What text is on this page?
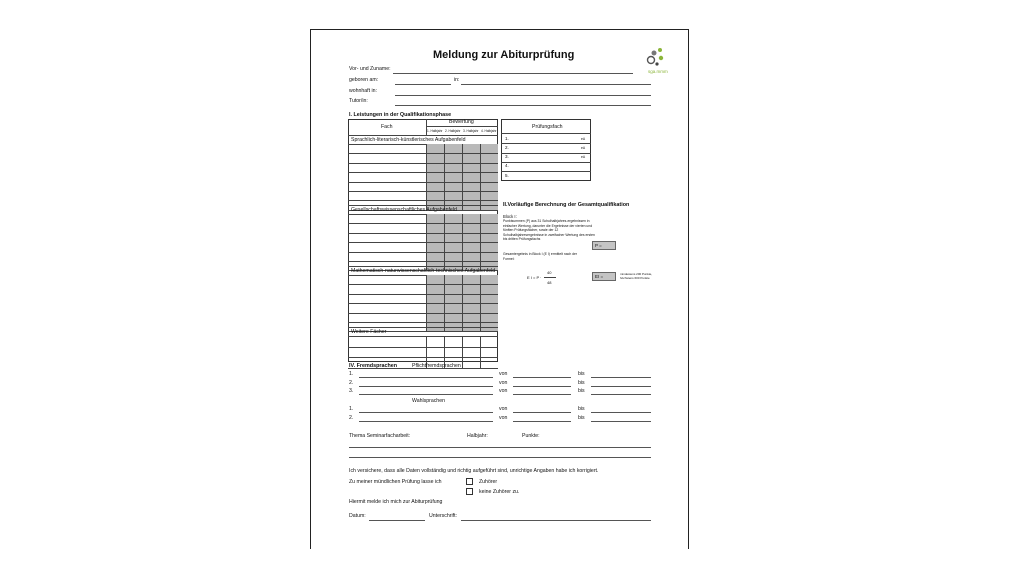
Meldung zur Abiturprüfung
sga.mmm
Vor- und Zuname:
geboren am:	in:
wohnhaft in:
Tutor/in:
I. Leistungen in der Qualifikationsphase
Fach
Bewertung
1. Halbjahr 2. Halbjahr 3. Halbjahr 4. Halbjahr
Sprachlich-literarisch-künstlerisches Aufgabenfeld
Gesellschaftswissenschaftliches Aufgabenfeld
Mathematisch-naturwissenschaftlich-technisches Aufgabenfeld
Weitere Fächer
Prüfungsfach
1.	eA
2.	eA
3.	eA
4.
5.
II.Vorläufige Berechnung der Gesamtqualifikation
Block I:
Punktsummen (P) aus 31 Schulhalbjahres-ergebnissen in einfacher Wertung, darunter die Ergebnisse der vierten und fünften Prüfungsfächer, sowie der 12 Schulhalbjahresergebnisse in zweifacher Wertung des ersten bis dritten Prüfungsfachs
P =
Gesamtergebnis in Block I (E I) ermittelt nach der Formel:
E I = P ·
40
48
EI =	mindestens 200 Punkte, höchstens 600 Punkte
IV. Fremdsprachen	Pflichtfremdsprachen
1.	von	bis
2.	von	bis
3.	von	bis
Wahlsprachen
1.	von	bis
2.	von	bis
Thema Seminarfacharbeit:	Halbjahr:	Punkte:
Ich versichere, dass alle Daten vollständig und richtig aufgeführt sind, unrichtige Angaben habe ich korrigiert.
Zu meiner mündlichen Prüfung lasse ich	Zuhörer
keine Zuhörer zu.
Hiermit melde ich mich zur Abiturprüfung
Datum:	Unterschrift:
